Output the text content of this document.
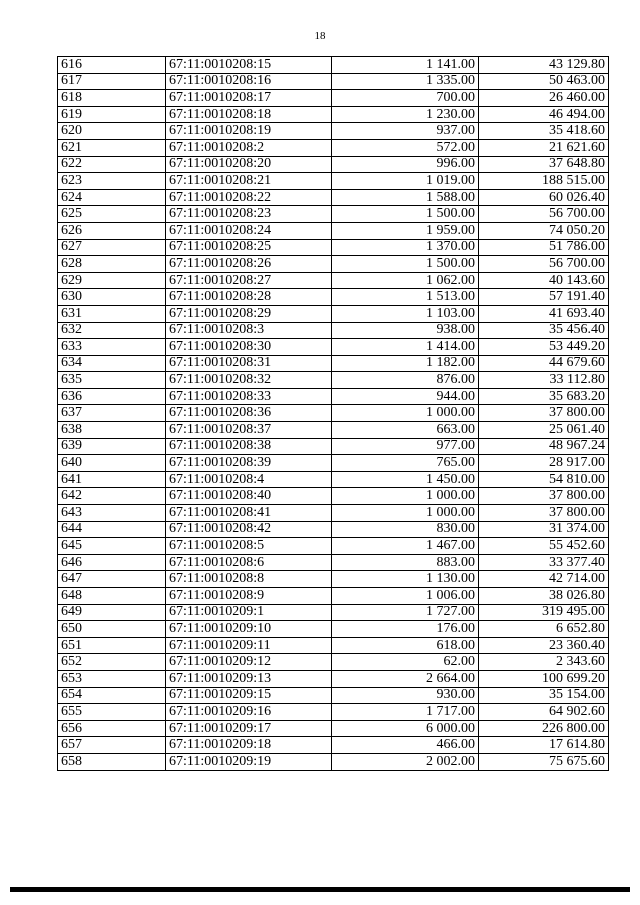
18
616	67:11:0010208:15	1 141.00	43 129.80
617	67:11:0010208:16	1 335.00	50 463.00
618	67:11:0010208:17	700.00	26 460.00
619	67:11:0010208:18	1 230.00	46 494.00
620	67:11:0010208:19	937.00	35 418.60
621	67:11:0010208:2	572.00	21 621.60
622	67:11:0010208:20	996.00	37 648.80
623	67:11:0010208:21	1 019.00	188 515.00
624	67:11:0010208:22	1 588.00	60 026.40
625	67:11:0010208:23	1 500.00	56 700.00
626	67:11:0010208:24	1 959.00	74 050.20
627	67:11:0010208:25	1 370.00	51 786.00
628	67:11:0010208:26	1 500.00	56 700.00
629	67:11:0010208:27	1 062.00	40 143.60
630	67:11:0010208:28	1 513.00	57 191.40
631	67:11:0010208:29	1 103.00	41 693.40
632	67:11:0010208:3	938.00	35 456.40
633	67:11:0010208:30	1 414.00	53 449.20
634	67:11:0010208:31	1 182.00	44 679.60
635	67:11:0010208:32	876.00	33 112.80
636	67:11:0010208:33	944.00	35 683.20
637	67:11:0010208:36	1 000.00	37 800.00
638	67:11:0010208:37	663.00	25 061.40
639	67:11:0010208:38	977.00	48 967.24
640	67:11:0010208:39	765.00	28 917.00
641	67:11:0010208:4	1 450.00	54 810.00
642	67:11:0010208:40	1 000.00	37 800.00
643	67:11:0010208:41	1 000.00	37 800.00
644	67:11:0010208:42	830.00	31 374.00
645	67:11:0010208:5	1 467.00	55 452.60
646	67:11:0010208:6	883.00	33 377.40
647	67:11:0010208:8	1 130.00	42 714.00
648	67:11:0010208:9	1 006.00	38 026.80
649	67:11:0010209:1	1 727.00	319 495.00
650	67:11:0010209:10	176.00	6 652.80
651	67:11:0010209:11	618.00	23 360.40
652	67:11:0010209:12	62.00	2 343.60
653	67:11:0010209:13	2 664.00	100 699.20
654	67:11:0010209:15	930.00	35 154.00
655	67:11:0010209:16	1 717.00	64 902.60
656	67:11:0010209:17	6 000.00	226 800.00
657	67:11:0010209:18	466.00	17 614.80
658	67:11:0010209:19	2 002.00	75 675.60
